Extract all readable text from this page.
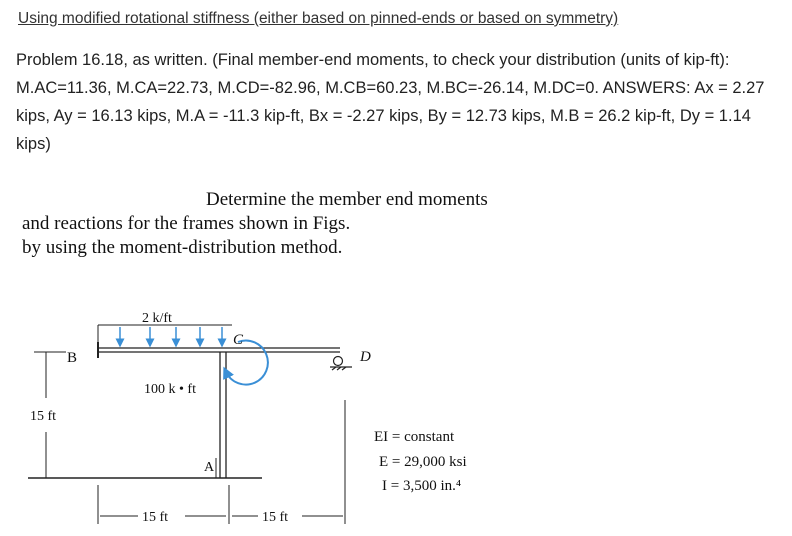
Using modified rotational stiffness (either based on pinned-ends or based on symmetry)

Problem 16.18, as written. (Final member-end moments, to check your distribution (units of kip-ft): M.AC=11.36, M.CA=22.73, M.CD=-82.96, M.CB=60.23, M.BC=-26.14, M.DC=0. ANSWERS: Ax = 2.27 kips, Ay = 16.13 kips, M.A = -11.3 kip-ft, Bx = -2.27 kips, By = 12.73 kips, M.B = 26.2 kip-ft, Dy = 1.14 kips)

Determine the member end moments
and reactions for the frames shown in Figs.
by using the moment-distribution method.
2 k/ft
B
C
D
A
100 k • ft
15 ft
15 ft	15 ft
EI = constant
E = 29,000 ksi
I = 3,500 in.⁴
